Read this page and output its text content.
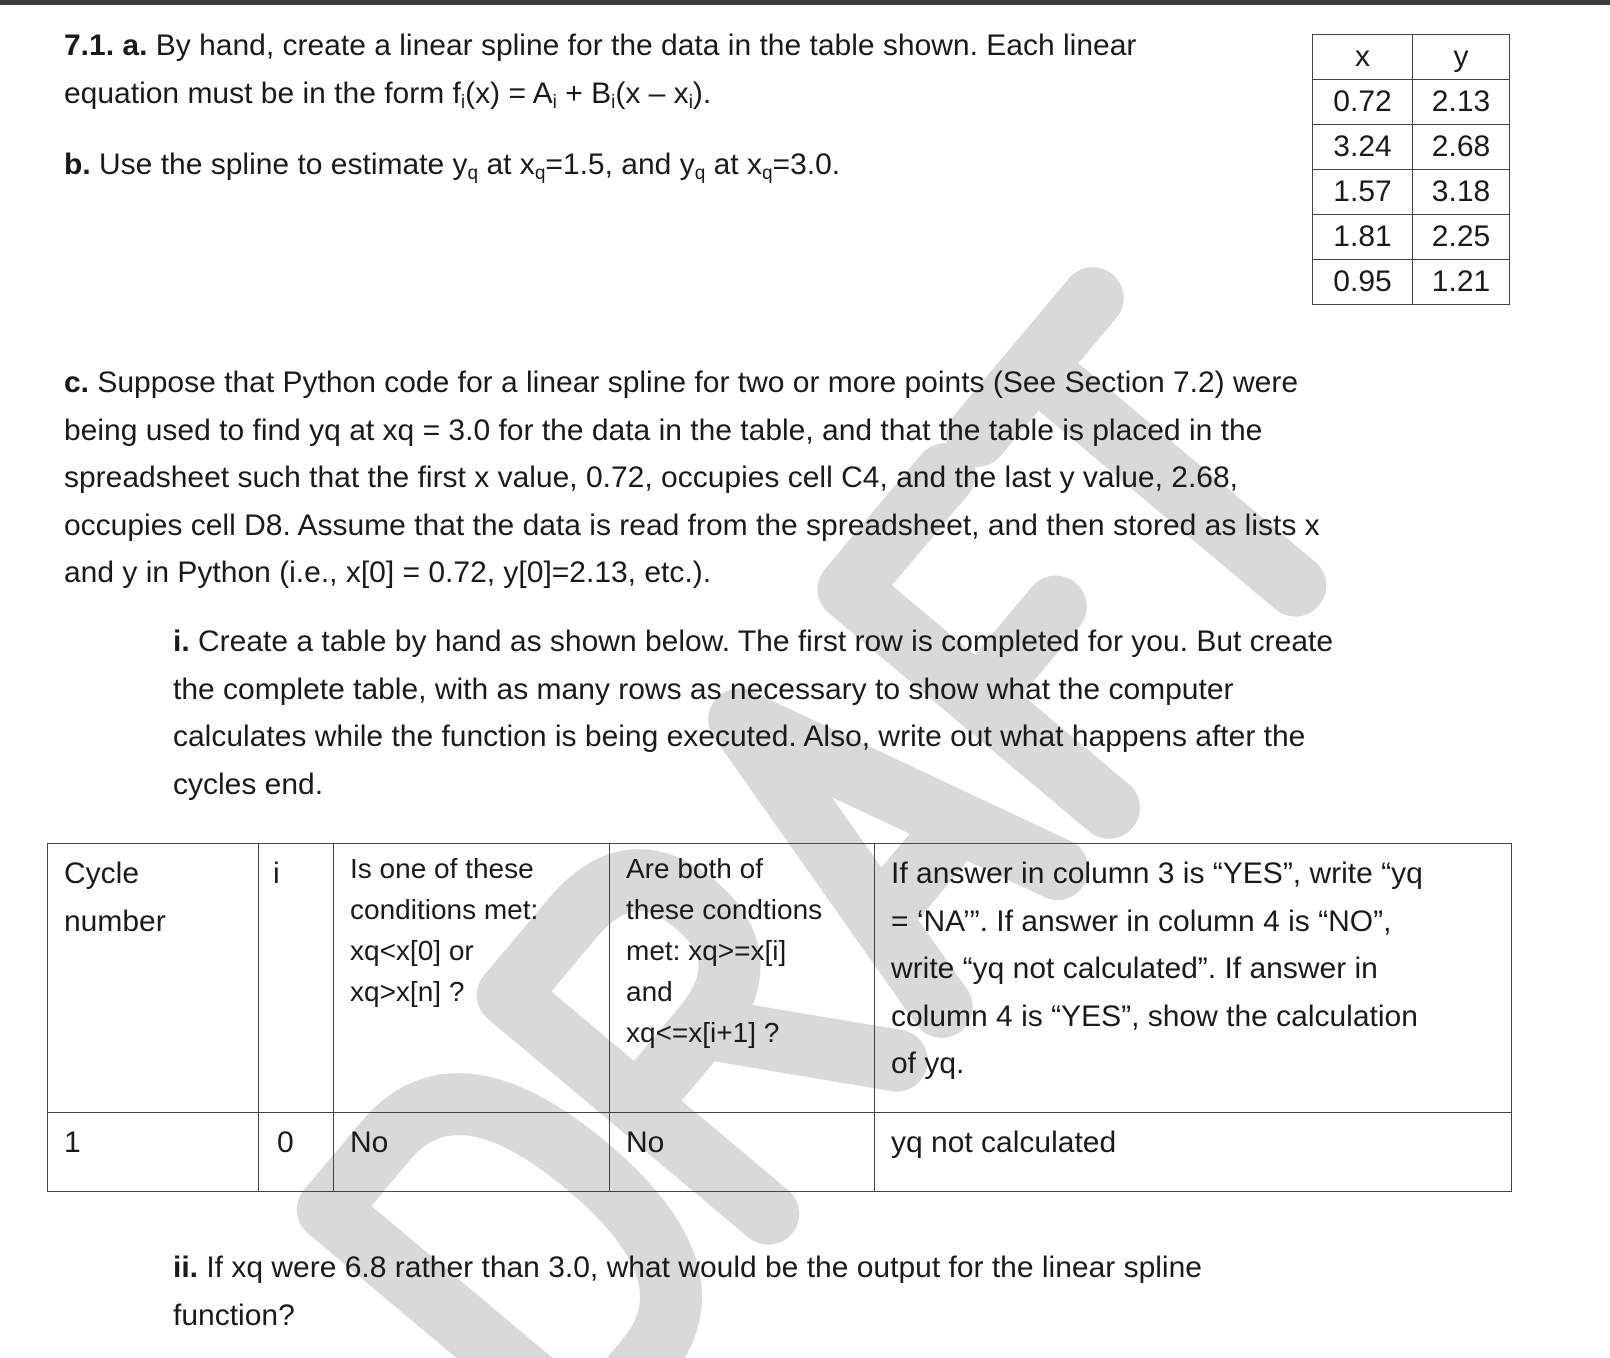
7.1. a. By hand, create a linear spline for the data in the table shown. Each linear

equation must be in the form $f_i(x) = A_i + B_i(x - x_i)$.

b. Use the spline to estimate $y_q$ at $x_q=1.5$, and $y_q$ at $x_q=3.0$.

x	y
0.72	2.13
3.24	2.68
1.57	3.18
1.81	2.25
0.95	1.21

c. Suppose that Python code for a linear spline for two or more points (See Section 7.2) were

being used to find yq at xq = 3.0 for the data in the table, and that the table is placed in the

spreadsheet such that the first x value, 0.72, occupies cell C4, and the last y value, 2.68,

occupies cell D8. Assume that the data is read from the spreadsheet, and then stored as lists x

and y in Python (i.e., x[0] = 0.72, y[0]=2.13, etc.).

i. Create a table by hand as shown below. The first row is completed for you. But create

the complete table, with as many rows as necessary to show what the computer

calculates while the function is being executed. Also, write out what happens after the

cycles end.

Cycle
number	i	Is one of these
conditions met:
xq<x[0] or
xq>x[n] ?	Are both of
these condtions
met: xq>=x[i]
and
xq<=x[i+1] ?	If answer in column 3 is “YES”, write “yq
= ‘NA’”. If answer in column 4 is “NO”,
write “yq not calculated”. If answer in
column 4 is “YES”, show the calculation
of yq.

1	0	No	No	yq not calculated

ii. If xq were 6.8 rather than 3.0, what would be the output for the linear spline

function?
